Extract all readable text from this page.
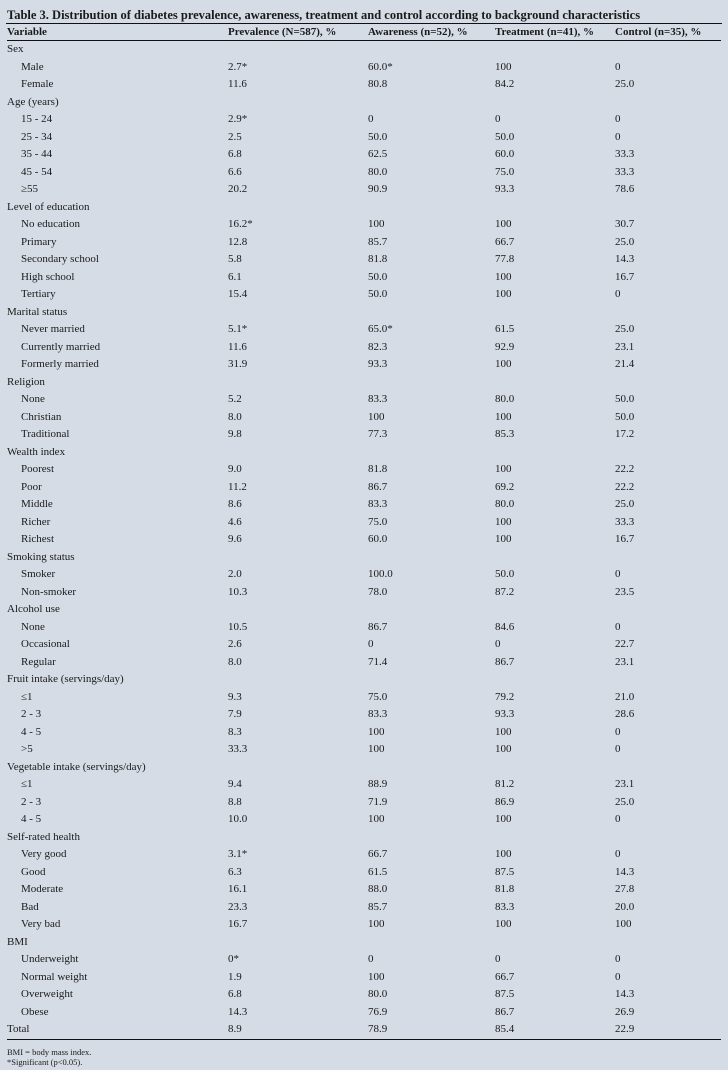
Table 3. Distribution of diabetes prevalence, awareness, treatment and control according to background characteristics
Variable	Prevalence (N=587), %	Awareness (n=52), %	Treatment (n=41), %	Control (n=35), %
Sex				
Male	2.7*	60.0*	100	0
Female	11.6	80.8	84.2	25.0
Age (years)				
15 - 24	2.9*	0	0	0
25 - 34	2.5	50.0	50.0	0
35 - 44	6.8	62.5	60.0	33.3
45 - 54	6.6	80.0	75.0	33.3
≥55	20.2	90.9	93.3	78.6
Level of education				
No education	16.2*	100	100	30.7
Primary	12.8	85.7	66.7	25.0
Secondary school	5.8	81.8	77.8	14.3
High school	6.1	50.0	100	16.7
Tertiary	15.4	50.0	100	0
Marital status				
Never married	5.1*	65.0*	61.5	25.0
Currently married	11.6	82.3	92.9	23.1
Formerly married	31.9	93.3	100	21.4
Religion				
None	5.2	83.3	80.0	50.0
Christian	8.0	100	100	50.0
Traditional	9.8	77.3	85.3	17.2
Wealth index				
Poorest	9.0	81.8	100	22.2
Poor	11.2	86.7	69.2	22.2
Middle	8.6	83.3	80.0	25.0
Richer	4.6	75.0	100	33.3
Richest	9.6	60.0	100	16.7
Smoking status				
Smoker	2.0	100.0	50.0	0
Non-smoker	10.3	78.0	87.2	23.5
Alcohol use				
None	10.5	86.7	84.6	0
Occasional	2.6	0	0	22.7
Regular	8.0	71.4	86.7	23.1
Fruit intake (servings/day)				
≤1	9.3	75.0	79.2	21.0
2 - 3	7.9	83.3	93.3	28.6
4 - 5	8.3	100	100	0
>5	33.3	100	100	0
Vegetable intake (servings/day)				
≤1	9.4	88.9	81.2	23.1
2 - 3	8.8	71.9	86.9	25.0
4 - 5	10.0	100	100	0
Self-rated health				
Very good	3.1*	66.7	100	0
Good	6.3	61.5	87.5	14.3
Moderate	16.1	88.0	81.8	27.8
Bad	23.3	85.7	83.3	20.0
Very bad	16.7	100	100	100
BMI				
Underweight	0*	0	0	0
Normal weight	1.9	100	66.7	0
Overweight	6.8	80.0	87.5	14.3
Obese	14.3	76.9	86.7	26.9
Total	8.9	78.9	85.4	22.9
BMI = body mass index.
*Significant (p<0.05).
